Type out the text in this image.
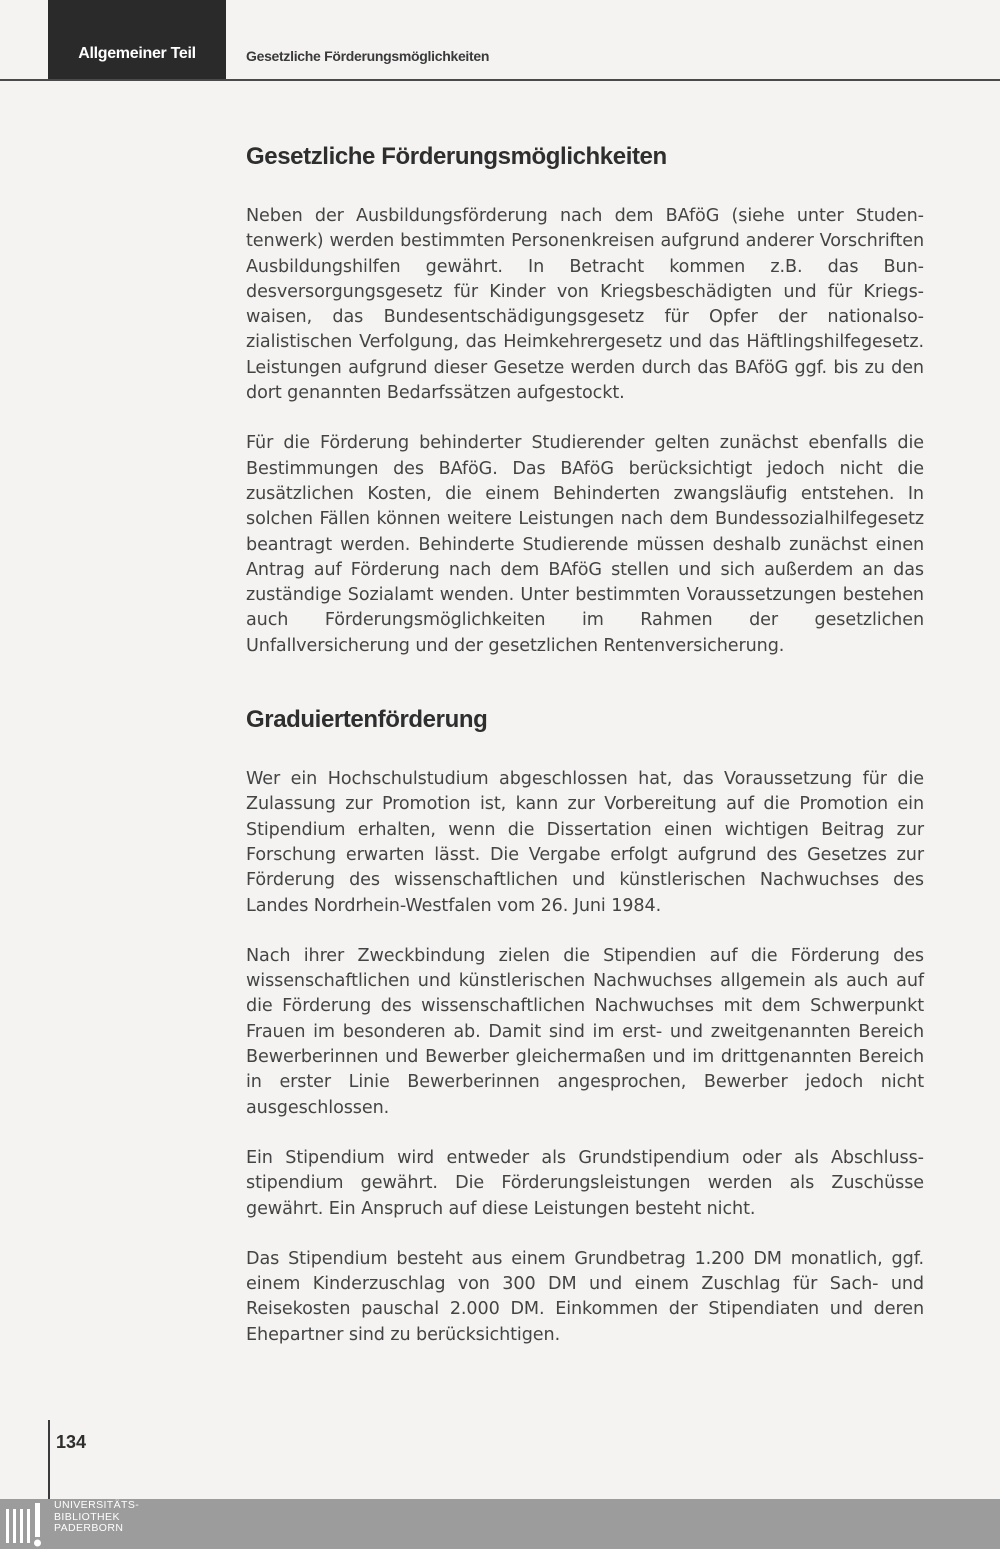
Allgemeiner Teil	Gesetzliche Förderungsmöglichkeiten
Gesetzliche Förderungsmöglichkeiten

Neben der Ausbildungsförderung nach dem BAföG (siehe unter Studentenwerk) werden bestimmten Personenkreisen aufgrund anderer Vorschriften Ausbildungshilfen gewährt. In Betracht kommen z.B. das Bundesversorgungsgesetz für Kinder von Kriegsbeschädigten und für Kriegswaisen, das Bundesentschädigungsgesetz für Opfer der nationalsozialistischen Verfolgung, das Heimkehrergesetz und das Häftlingshilfegesetz. Leistungen aufgrund dieser Gesetze werden durch das BAföG ggf. bis zu den dort genannten Bedarfssätzen aufgestockt.

Für die Förderung behinderter Studierender gelten zunächst ebenfalls die Bestimmungen des BAföG. Das BAföG berücksichtigt jedoch nicht die zusätzlichen Kosten, die einem Behinderten zwangsläufig entstehen. In solchen Fällen können weitere Leistungen nach dem Bundessozialhilfegesetz beantragt werden. Behinderte Studierende müssen deshalb zunächst einen Antrag auf Förderung nach dem BAföG stellen und sich außerdem an das zuständige Sozialamt wenden. Unter bestimmten Voraussetzungen bestehen auch Förderungsmöglichkeiten im Rahmen der gesetzlichen Unfallversicherung und der gesetzlichen Rentenversicherung.

Graduiertenförderung

Wer ein Hochschulstudium abgeschlossen hat, das Voraussetzung für die Zulassung zur Promotion ist, kann zur Vorbereitung auf die Promotion ein Stipendium erhalten, wenn die Dissertation einen wichtigen Beitrag zur Forschung erwarten lässt. Die Vergabe erfolgt aufgrund des Gesetzes zur Förderung des wissenschaftlichen und künstlerischen Nachwuchses des Landes Nordrhein-Westfalen vom 26. Juni 1984.

Nach ihrer Zweckbindung zielen die Stipendien auf die Förderung des wissenschaftlichen und künstlerischen Nachwuchses allgemein als auch auf die Förderung des wissenschaftlichen Nachwuchses mit dem Schwerpunkt Frauen im besonderen ab. Damit sind im erst- und zweitgenannten Bereich Bewerberinnen und Bewerber gleichermaßen und im drittgenannten Bereich in erster Linie Bewerberinnen angesprochen, Bewerber jedoch nicht ausgeschlossen.

Ein Stipendium wird entweder als Grundstipendium oder als Abschlussstipendium gewährt. Die Förderungsleistungen werden als Zuschüsse gewährt. Ein Anspruch auf diese Leistungen besteht nicht.

Das Stipendium besteht aus einem Grundbetrag 1.200 DM monatlich, ggf. einem Kinderzuschlag von 300 DM und einem Zuschlag für Sach- und Reisekosten pauschal 2.000 DM. Einkommen der Stipendiaten und deren Ehepartner sind zu berücksichtigen.

134
UNIVERSITÄTS-
BIBLIOTHEK
PADERBORN
